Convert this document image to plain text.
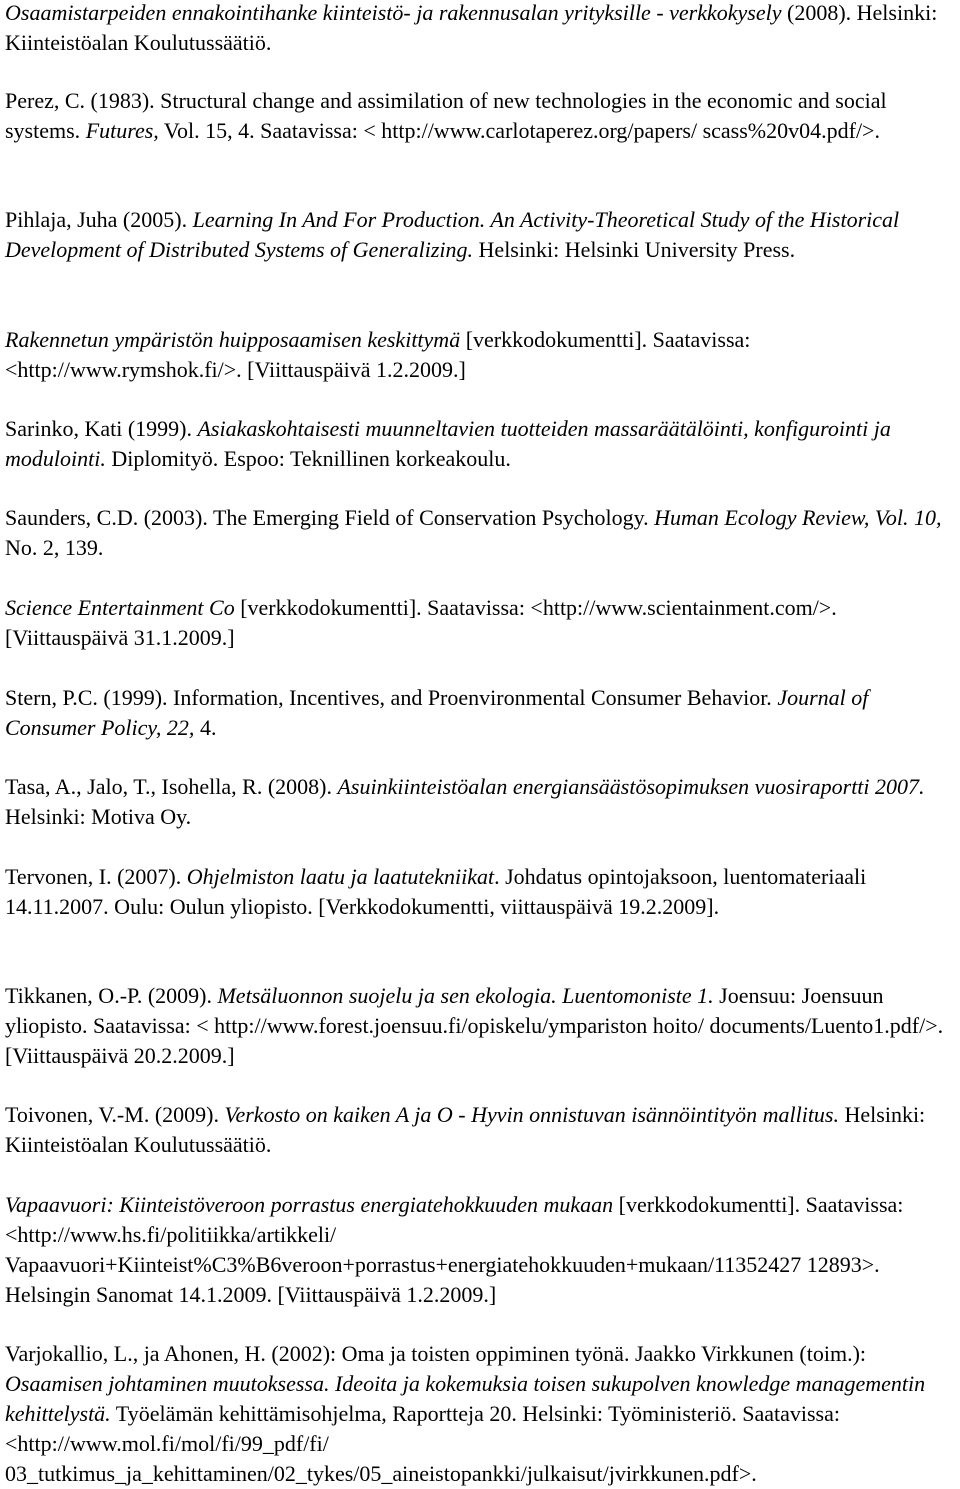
Osaamistarpeiden ennakointihanke kiinteistö- ja rakennusalan yrityksille - verkkokysely (2008). Helsinki: Kiinteistöalan Koulutussäätiö.

Perez, C. (1983). Structural change and assimilation of new technologies in the economic and social systems. Futures, Vol. 15, 4. Saatavissa: < http://www.carlotaperez.org/papers/ scass%20v04.pdf/>.

Pihlaja, Juha (2005). Learning In And For Production. An Activity-Theoretical Study of the Historical Development of Distributed Systems of Generalizing. Helsinki: Helsinki University Press.

Rakennetun ympäristön huipposaamisen keskittymä [verkkodokumentti]. Saatavissa: <http://www.rymshok.fi/>. [Viittauspäivä 1.2.2009.]

Sarinko, Kati (1999). Asiakaskohtaisesti muunneltavien tuotteiden massaräätälöinti, konfigurointi ja modulointi. Diplomityö. Espoo: Teknillinen korkeakoulu.

Saunders, C.D. (2003). The Emerging Field of Conservation Psychology. Human Ecology Review, Vol. 10, No. 2, 139.

Science Entertainment Co [verkkodokumentti]. Saatavissa: <http://www.scientainment.com/>. [Viittauspäivä 31.1.2009.]

Stern, P.C. (1999). Information, Incentives, and Proenvironmental Consumer Behavior. Journal of Consumer Policy, 22, 4.

Tasa, A., Jalo, T., Isohella, R. (2008). Asuinkiinteistöalan energiansäästösopimuksen vuosiraportti 2007. Helsinki: Motiva Oy.

Tervonen, I. (2007). Ohjelmiston laatu ja laatutekniikat. Johdatus opintojaksoon, luentomateriaali 14.11.2007. Oulu: Oulun yliopisto. [Verkkodokumentti, viittauspäivä 19.2.2009].

Tikkanen, O.-P. (2009). Metsäluonnon suojelu ja sen ekologia. Luentomoniste 1. Joensuu: Joensuun yliopisto. Saatavissa: < http://www.forest.joensuu.fi/opiskelu/ympariston hoito/ documents/Luento1.pdf/>. [Viittauspäivä 20.2.2009.]

Toivonen, V.-M. (2009). Verkosto on kaiken A ja O - Hyvin onnistuvan isännöintityön mallitus. Helsinki: Kiinteistöalan Koulutussäätiö.

Vapaavuori: Kiinteistöveroon porrastus energiatehokkuuden mukaan [verkkodokumentti]. Saatavissa: <http://www.hs.fi/politiikka/artikkeli/ Vapaavuori+Kiinteist%C3%B6veroon+porrastus+energiatehokkuuden+mukaan/11352427 12893>. Helsingin Sanomat 14.1.2009. [Viittauspäivä 1.2.2009.]

Varjokallio, L., ja Ahonen, H. (2002): Oma ja toisten oppiminen työnä. Jaakko Virkkunen (toim.): Osaamisen johtaminen muutoksessa. Ideoita ja kokemuksia toisen sukupolven knowledge managementin kehittelystä. Työelämän kehittämisohjelma, Raportteja 20. Helsinki: Työministeriö. Saatavissa: <http://www.mol.fi/mol/fi/99_pdf/fi/ 03_tutkimus_ja_kehittaminen/02_tykes/05_aineistopankki/julkaisut/jvirkkunen.pdf>.
